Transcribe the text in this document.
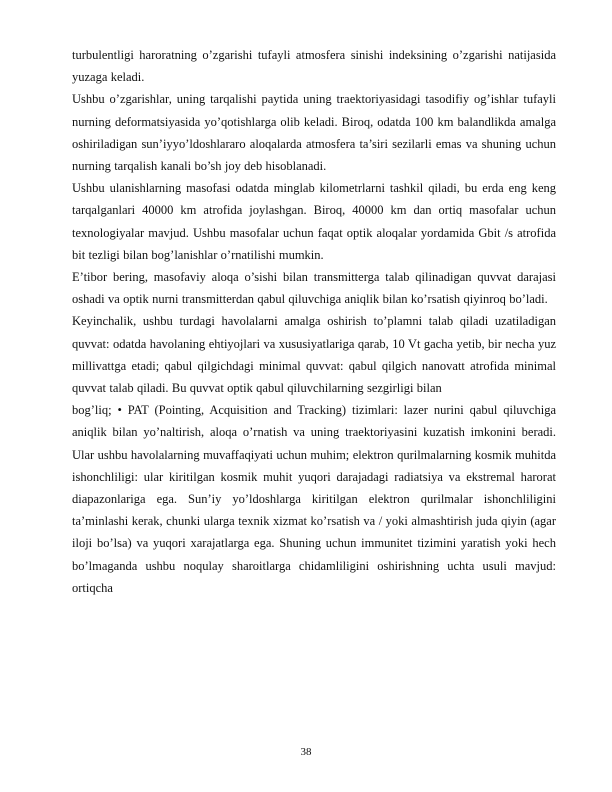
turbulentligi haroratning o’zgarishi tufayli atmosfera sinishi indeksining o’zgarishi natijasida yuzaga keladi.

Ushbu o’zgarishlar, uning tarqalishi paytida uning traektoriyasidagi tasodifiy og’ishlar tufayli nurning deformatsiyasida yo’qotishlarga olib keladi. Biroq, odatda 100 km balandlikda amalga oshiriladigan sun’iyyo’ldoshlararo aloqalarda atmosfera ta’siri sezilarli emas va shuning uchun nurning tarqalish kanali bo’sh joy deb hisoblanadi.

Ushbu ulanishlarning masofasi odatda minglab kilometrlarni tashkil qiladi, bu erda eng keng tarqalganlari 40000 km atrofida joylashgan. Biroq, 40000 km dan ortiq masofalar uchun texnologiyalar mavjud. Ushbu masofalar uchun faqat optik aloqalar yordamida Gbit /s atrofida bit tezligi bilan bog’lanishlar o’rnatilishi mumkin.

E’tibor bering, masofaviy aloqa o’sishi bilan transmitterga talab qilinadigan quvvat darajasi oshadi va optik nurni transmitterdan qabul qiluvchiga aniqlik bilan ko’rsatish qiyinroq bo’ladi.

Keyinchalik, ushbu turdagi havolalarni amalga oshirish to’plamni talab qiladi uzatiladigan quvvat: odatda havolaning ehtiyojlari va xususiyatlariga qarab, 10 Vt gacha yetib, bir necha yuz millivattga etadi; qabul qilgichdagi minimal quvvat: qabul qilgich nanovatt atrofida minimal quvvat talab qiladi. Bu quvvat optik qabul qiluvchilarning sezgirligi bilan

bog’liq; • PAT (Pointing, Acquisition and Tracking) tizimlari: lazer nurini qabul qiluvchiga aniqlik bilan yo’naltirish, aloqa o’rnatish va uning traektoriyasini kuzatish imkonini beradi. Ular ushbu havolalarning muvaffaqiyati uchun muhim; elektron qurilmalarning kosmik muhitda ishonchliligi: ular kiritilgan kosmik muhit yuqori darajadagi radiatsiya va ekstremal harorat diapazonlariga ega. Sun’iy yo’ldoshlarga kiritilgan elektron qurilmalar ishonchliligini ta’minlashi kerak, chunki ularga texnik xizmat ko’rsatish va / yoki almashtirish juda qiyin (agar iloji bo’lsa) va yuqori xarajatlarga ega. Shuning uchun immunitet tizimini yaratish yoki hech bo’lmaganda ushbu noqulay sharoitlarga chidamliligini oshirishning uchta usuli mavjud: ortiqcha

38
